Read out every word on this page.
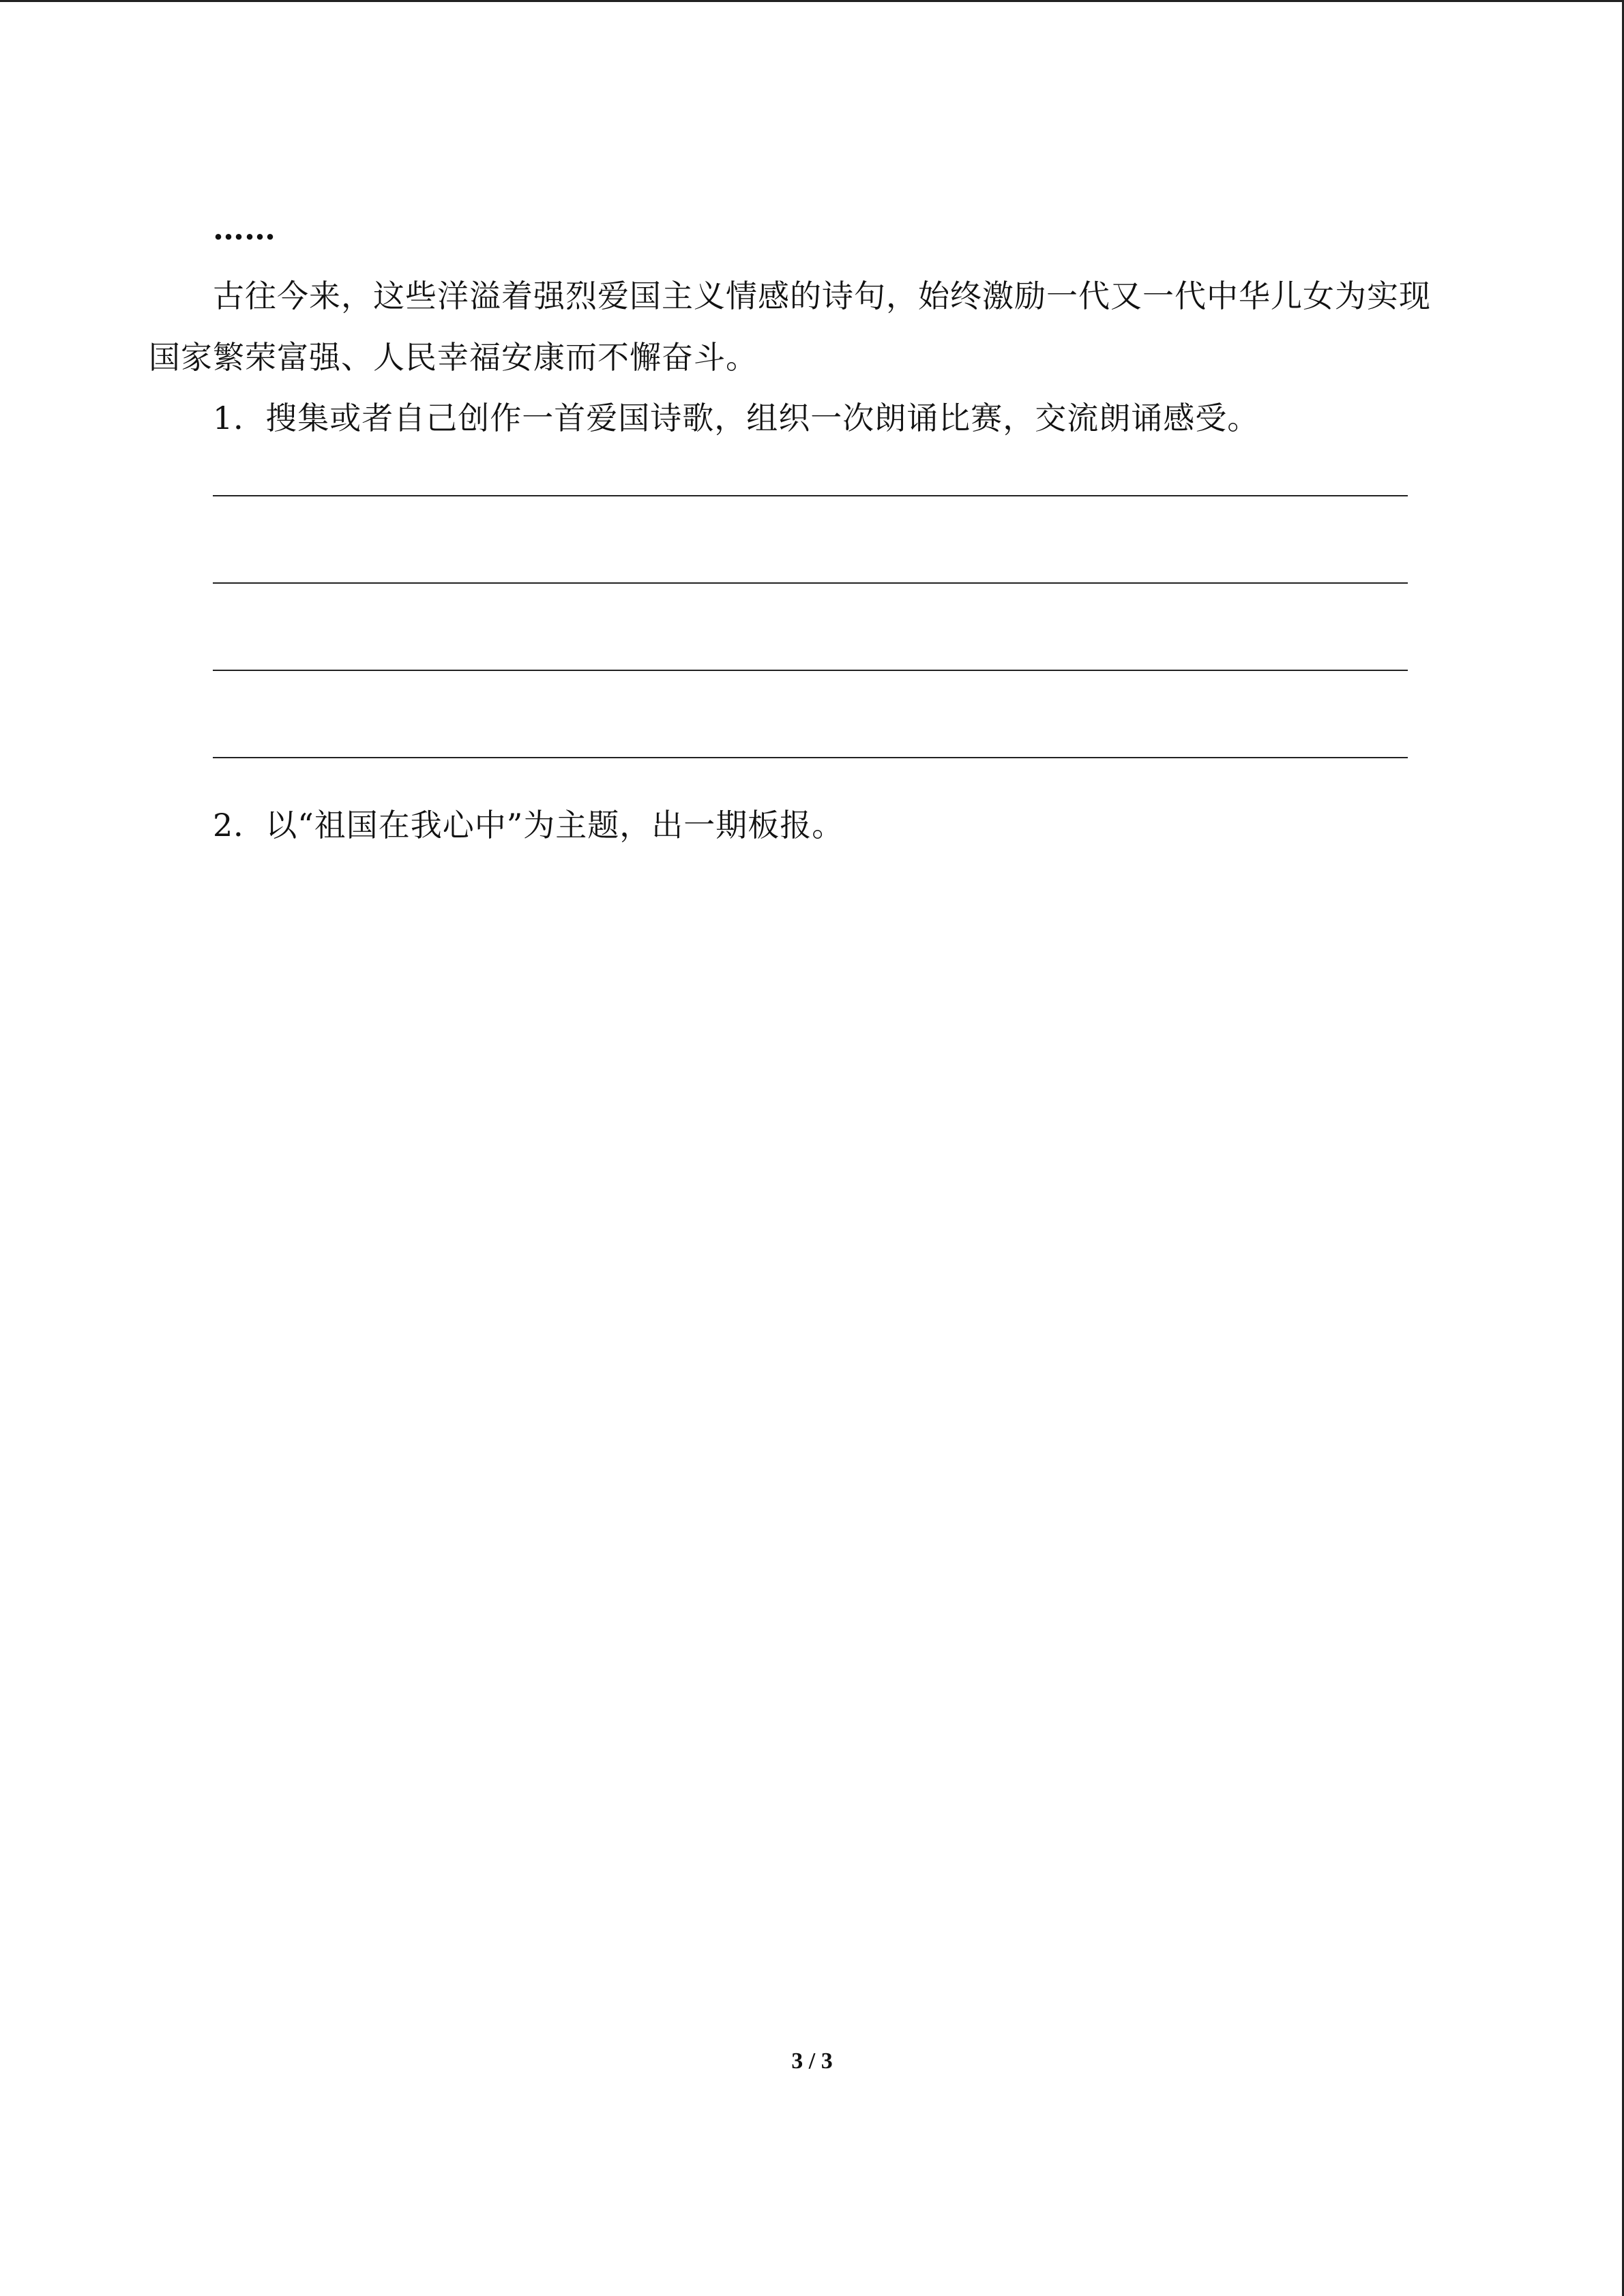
……
古往今来，这些洋溢着强烈爱国主义情感的诗句，始终激励一代又一代中华儿女为实现
国家繁荣富强、人民幸福安康而不懈奋斗。
1．搜集或者自己创作一首爱国诗歌，组织一次朗诵比赛，交流朗诵感受。
2．以“祖国在我心中”为主题，出一期板报。
3 / 3
